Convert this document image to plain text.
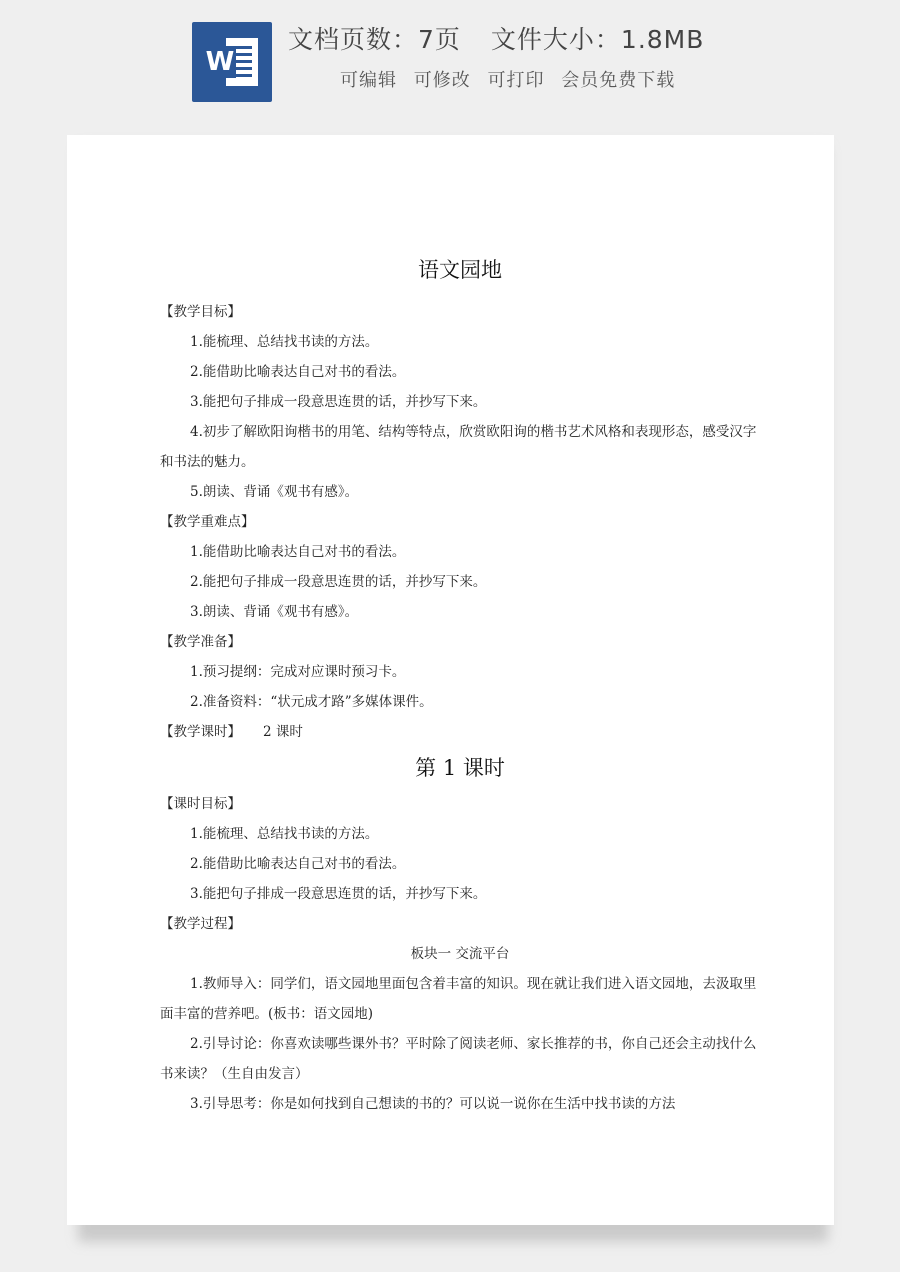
W
文档页数：7页 文件大小：1.8MB
可编辑 可修改 可打印 会员免费下载
语文园地

【教学目标】

1.能梳理、总结找书读的方法。

2.能借助比喻表达自己对书的看法。

3.能把句子排成一段意思连贯的话，并抄写下来。

4.初步了解欧阳询楷书的用笔、结构等特点，欣赏欧阳询的楷书艺术风格和表现形态，感受汉字和书法的魅力。

5.朗读、背诵《观书有感》。

【教学重难点】

1.能借助比喻表达自己对书的看法。

2.能把句子排成一段意思连贯的话，并抄写下来。

3.朗读、背诵《观书有感》。

【教学准备】

1.预习提纲：完成对应课时预习卡。

2.准备资料：“状元成才路”多媒体课件。

【教学课时】 2 课时

第 1 课时

【课时目标】

1.能梳理、总结找书读的方法。

2.能借助比喻表达自己对书的看法。

3.能把句子排成一段意思连贯的话，并抄写下来。

【教学过程】

板块一 交流平台

1.教师导入：同学们，语文园地里面包含着丰富的知识。现在就让我们进入语文园地，去汲取里面丰富的营养吧。(板书：语文园地)

2.引导讨论：你喜欢读哪些课外书？平时除了阅读老师、家长推荐的书，你自己还会主动找什么书来读？（生自由发言）

3.引导思考：你是如何找到自己想读的书的？可以说一说你在生活中找书读的方法
